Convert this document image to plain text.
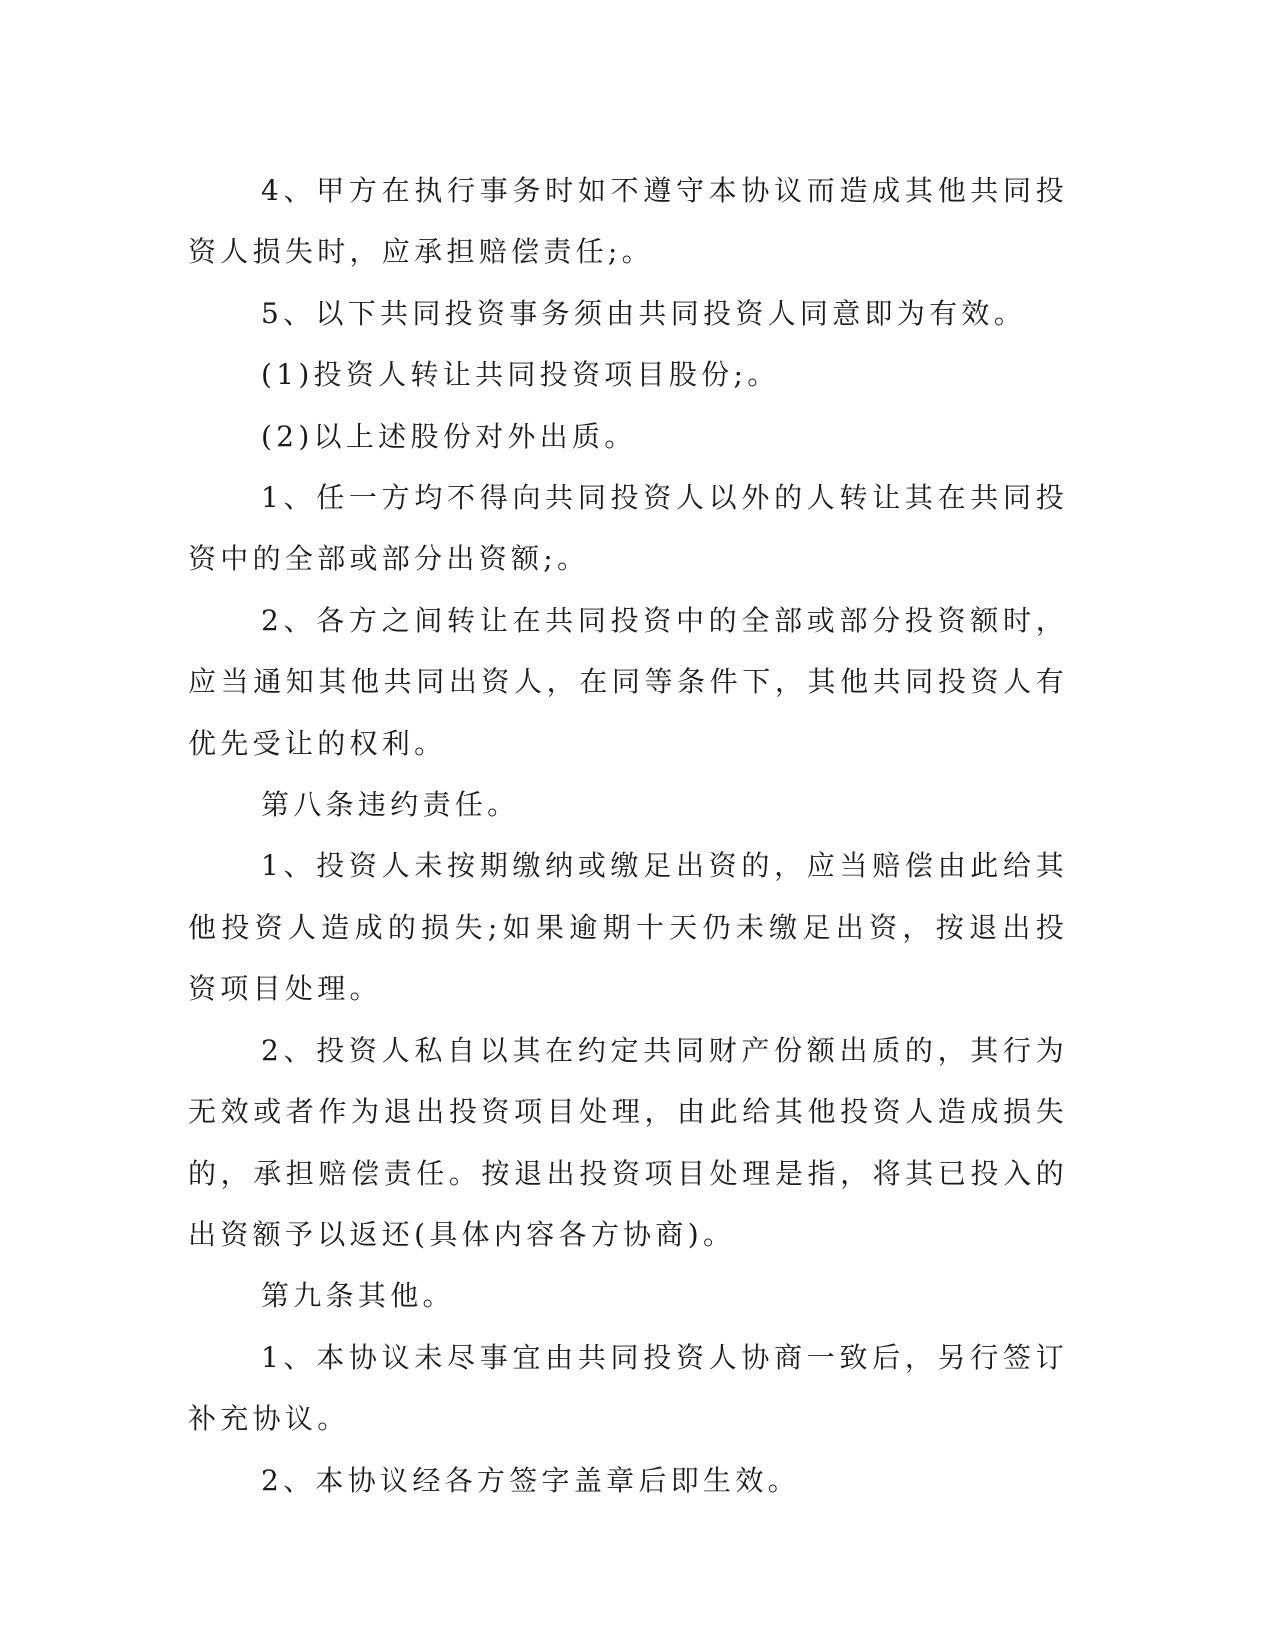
4、甲方在执行事务时如不遵守本协议而造成其他共同投资人损失时，应承担赔偿责任;。

5、以下共同投资事务须由共同投资人同意即为有效。

(1)投资人转让共同投资项目股份;。

(2)以上述股份对外出质。

1、任一方均不得向共同投资人以外的人转让其在共同投资中的全部或部分出资额;。

2、各方之间转让在共同投资中的全部或部分投资额时，应当通知其他共同出资人，在同等条件下，其他共同投资人有优先受让的权利。

第八条违约责任。

1、投资人未按期缴纳或缴足出资的，应当赔偿由此给其他投资人造成的损失;如果逾期十天仍未缴足出资，按退出投资项目处理。

2、投资人私自以其在约定共同财产份额出质的，其行为无效或者作为退出投资项目处理，由此给其他投资人造成损失的，承担赔偿责任。按退出投资项目处理是指，将其已投入的出资额予以返还(具体内容各方协商)。

第九条其他。

1、本协议未尽事宜由共同投资人协商一致后，另行签订补充协议。

2、本协议经各方签字盖章后即生效。
